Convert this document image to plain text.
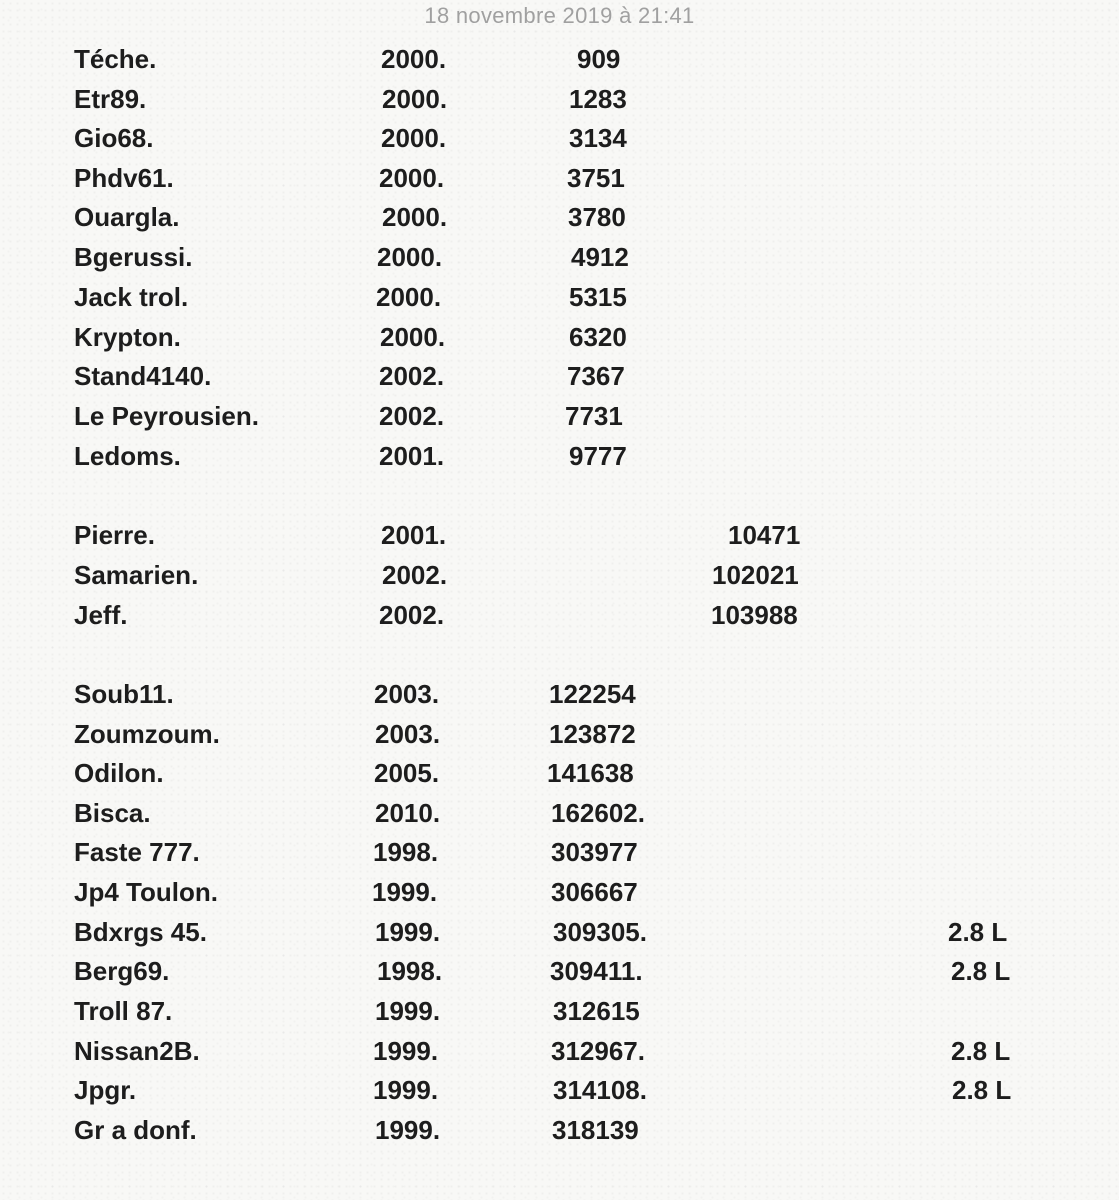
18 novembre 2019 à 21:41
Téche.	2000.	909
Etr89.	2000.	1283
Gio68.	2000.	3134
Phdv61.	2000.	3751
Ouargla.	2000.	3780
Bgerussi.	2000.	4912
Jack trol.	2000.	5315
Krypton.	2000.	6320
Stand4140.	2002.	7367
Le Peyrousien.	2002.	7731
Ledoms.	2001.	9777
Pierre.	2001.	10471
Samarien.	2002.	102021
Jeff.	2002.	103988
Soub11.	2003.	122254
Zoumzoum.	2003.	123872
Odilon.	2005.	141638
Bisca.	2010.	162602.
Faste 777.	1998.	303977
Jp4 Toulon.	1999.	306667
Bdxrgs 45.	1999.	309305.	2.8 L
Berg69.	1998.	309411.	2.8 L
Troll 87.	1999.	312615
Nissan2B.	1999.	312967.	2.8 L
Jpgr.	1999.	314108.	2.8 L
Gr a donf.	1999.	318139
